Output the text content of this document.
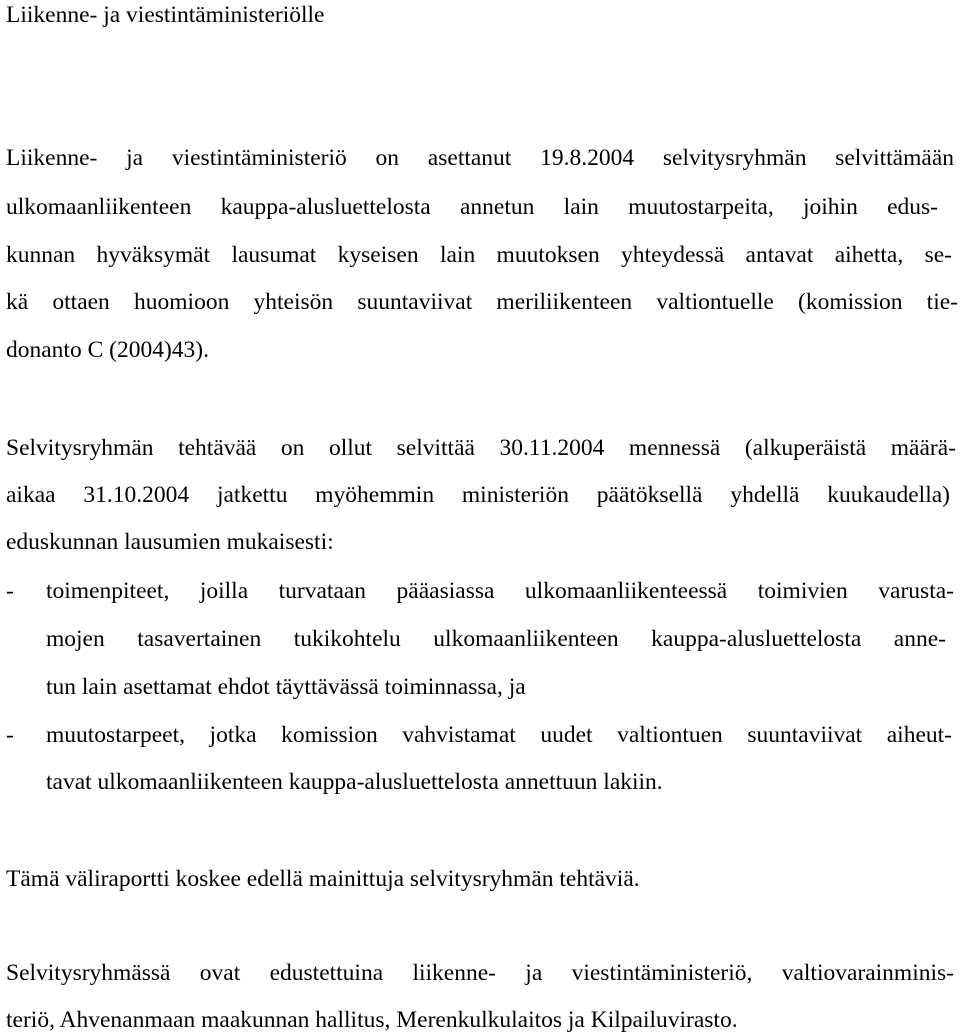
Liikenne- ja viestintäministeriölle
Liikenne- ja viestintäministeriö on asettanut 19.8.2004 selvitysryhmän selvittämään
ulkomaanliikenteen kauppa-alusluettelosta annetun lain muutostarpeita, joihin edus-
kunnan hyväksymät lausumat kyseisen lain muutoksen yhteydessä antavat aihetta, se-
kä ottaen huomioon yhteisön suuntaviivat meriliikenteen valtiontuelle (komission tie-
donanto C (2004)43).
Selvitysryhmän tehtävää on ollut selvittää 30.11.2004 mennessä (alkuperäistä määrä-
aikaa 31.10.2004 jatkettu myöhemmin ministeriön päätöksellä yhdellä kuukaudella)
eduskunnan lausumien mukaisesti:
- toimenpiteet, joilla turvataan pääasiassa ulkomaanliikenteessä toimivien varusta-
mojen tasavertainen tukikohtelu ulkomaanliikenteen kauppa-alusluettelosta anne-
tun lain asettamat ehdot täyttävässä toiminnassa, ja
- muutostarpeet, jotka komission vahvistamat uudet valtiontuen suuntaviivat aiheut-
tavat ulkomaanliikenteen kauppa-alusluettelosta annettuun lakiin.
Tämä väliraportti koskee edellä mainittuja selvitysryhmän tehtäviä.
Selvitysryhmässä ovat edustettuina liikenne- ja viestintäministeriö, valtiovarainminis-
teriö, Ahvenanmaan maakunnan hallitus, Merenkulkulaitos ja Kilpailuvirasto.
